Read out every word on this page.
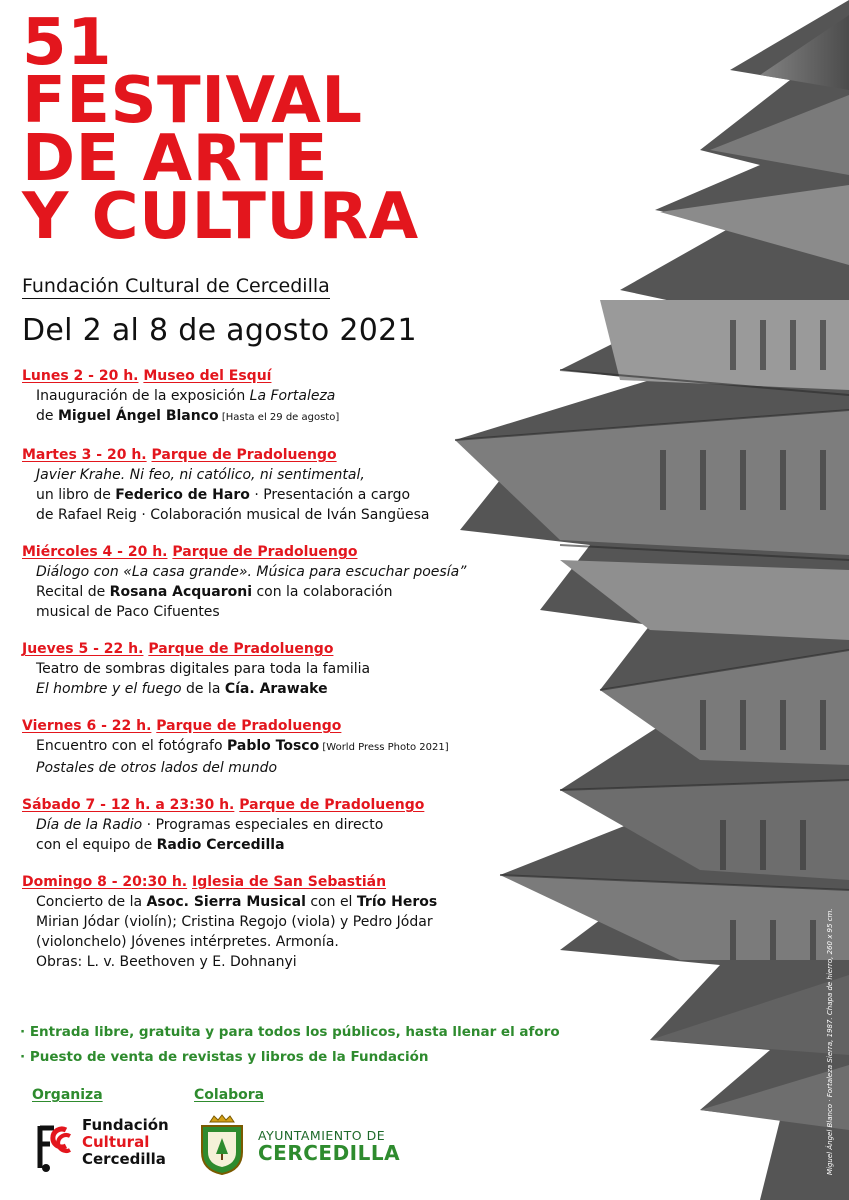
51
FESTIVAL
DE ARTE
Y CULTURA
Fundación Cultural de Cercedilla
Del 2 al 8 de agosto 2021
Lunes 2 - 20 h. Museo del Esquí
Inauguración de la exposición La Fortaleza
de Miguel Ángel Blanco [Hasta el 29 de agosto]
Martes 3 - 20 h. Parque de Pradoluengo
Javier Krahe. Ni feo, ni católico, ni sentimental,
un libro de Federico de Haro · Presentación a cargo
de Rafael Reig · Colaboración musical de Iván Sangüesa
Miércoles 4 - 20 h. Parque de Pradoluengo
Diálogo con «La casa grande». Música para escuchar poesía”
Recital de Rosana Acquaroni con la colaboración
musical de Paco Cifuentes
Jueves 5 - 22 h. Parque de Pradoluengo
Teatro de sombras digitales para toda la familia
El hombre y el fuego de la Cía. Arawake
Viernes 6 - 22 h. Parque de Pradoluengo
Encuentro con el fotógrafo Pablo Tosco [World Press Photo 2021]
Postales de otros lados del mundo
Sábado 7 - 12 h. a 23:30 h. Parque de Pradoluengo
Día de la Radio · Programas especiales en directo
con el equipo de Radio Cercedilla
Domingo 8 - 20:30 h. Iglesia de San Sebastián
Concierto de la Asoc. Sierra Musical con el Trío Heros
Mirian Jódar (violín); Cristina Regojo (viola) y Pedro Jódar
(violonchelo) Jóvenes intérpretes. Armonía.
Obras: L. v. Beethoven y E. Dohnanyi
· Entrada libre, gratuita y para todos los públicos, hasta llenar el aforo
· Puesto de venta de revistas y libros de la Fundación
Organiza
Fundación
Cultural
Cercedilla
Colabora
AYUNTAMIENTO DE
CERCEDILLA	Miguel Ángel Blanco · Fortaleza Sierra, 1987. Chapa de hierro, 260 x 95 cm.
